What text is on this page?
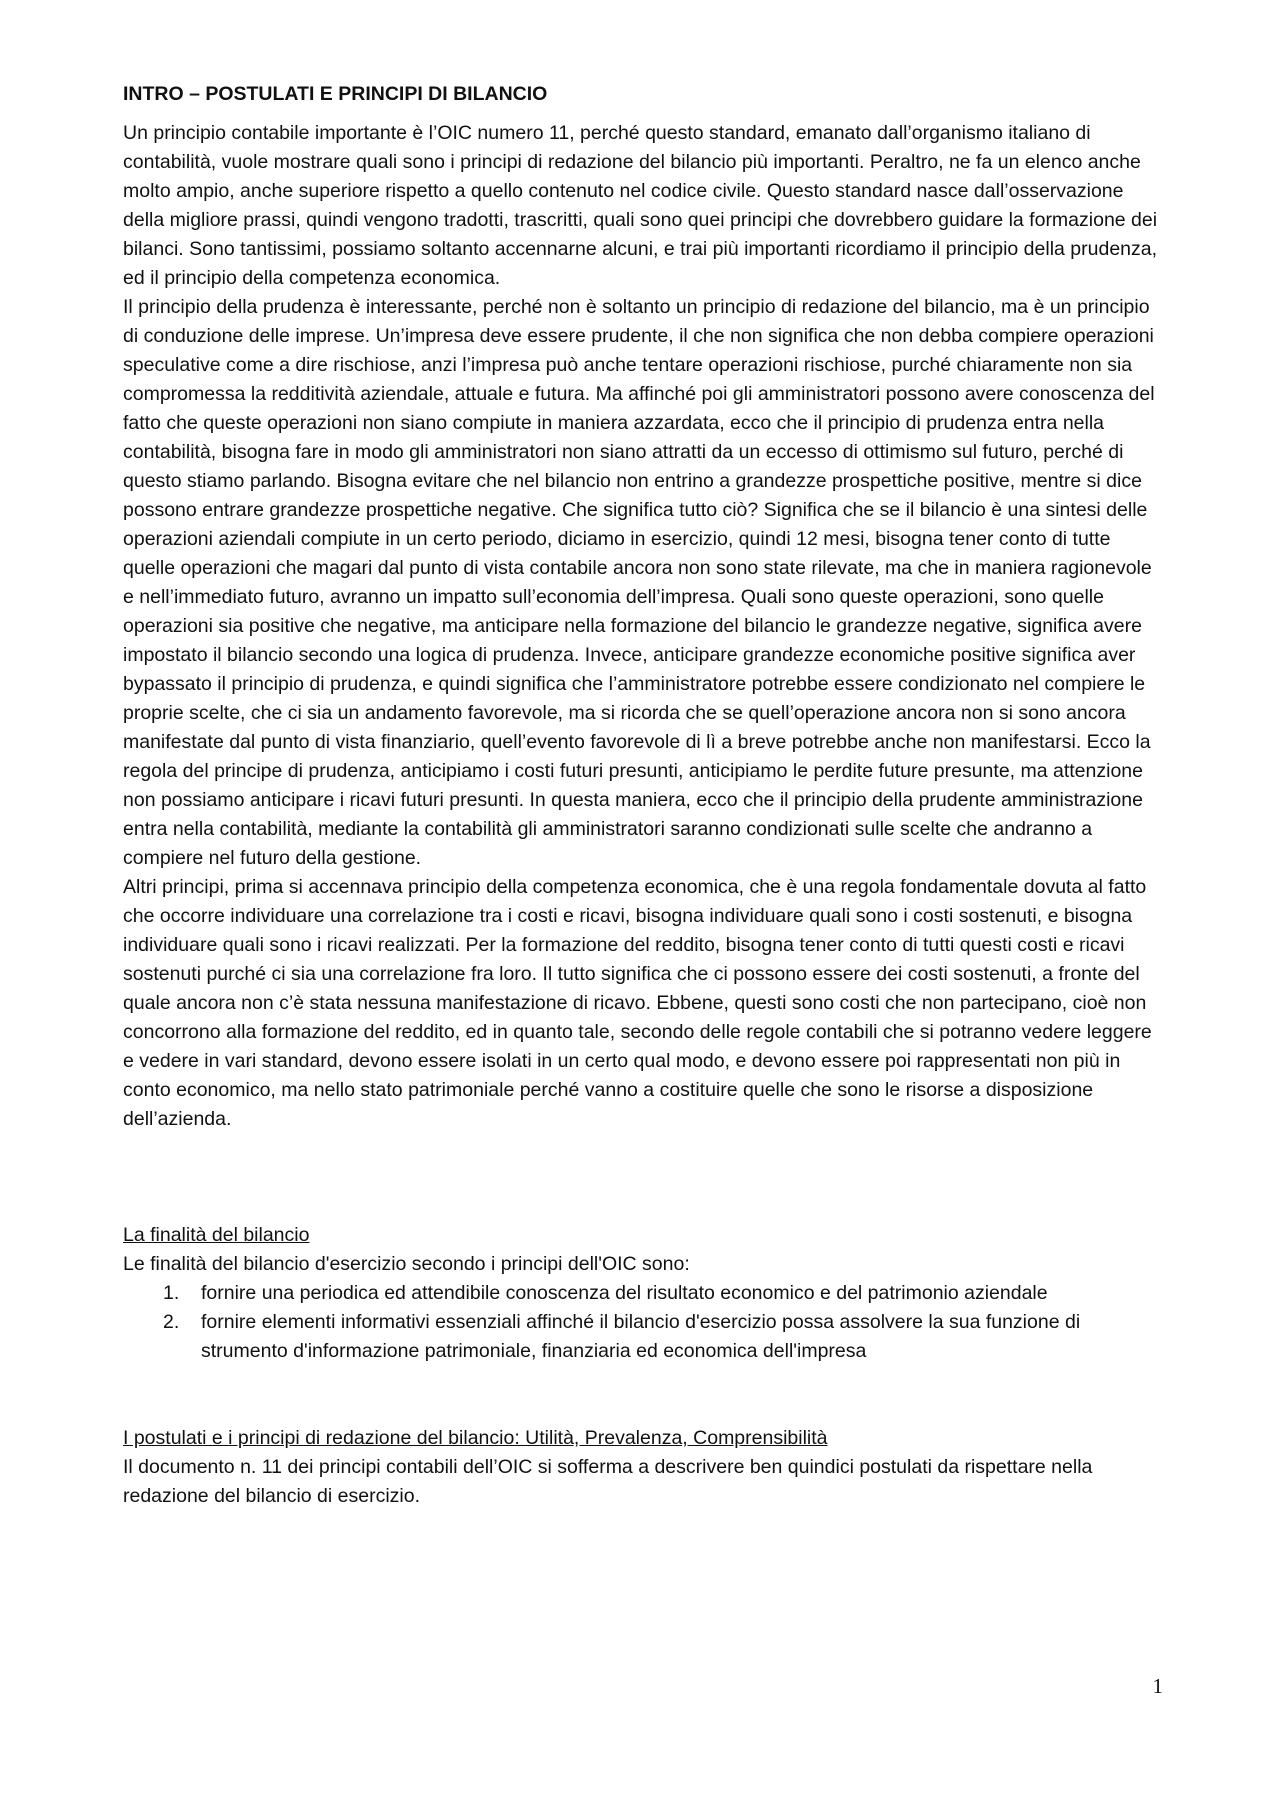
INTRO – POSTULATI E PRINCIPI DI BILANCIO

Un principio contabile importante è l’OIC numero 11, perché questo standard, emanato dall’organismo italiano di contabilità, vuole mostrare quali sono i principi di redazione del bilancio più importanti. Peraltro, ne fa un elenco anche molto ampio, anche superiore rispetto a quello contenuto nel codice civile. Questo standard nasce dall’osservazione della migliore prassi, quindi vengono tradotti, trascritti, quali sono quei principi che dovrebbero guidare la formazione dei bilanci. Sono tantissimi, possiamo soltanto accennarne alcuni, e trai più importanti ricordiamo il principio della prudenza, ed il principio della competenza economica.

Il principio della prudenza è interessante, perché non è soltanto un principio di redazione del bilancio, ma è un principio di conduzione delle imprese. Un’impresa deve essere prudente, il che non significa che non debba compiere operazioni speculative come a dire rischiose, anzi l’impresa può anche tentare operazioni rischiose, purché chiaramente non sia compromessa la redditività aziendale, attuale e futura. Ma affinché poi gli amministratori possono avere conoscenza del fatto che queste operazioni non siano compiute in maniera azzardata, ecco che il principio di prudenza entra nella contabilità, bisogna fare in modo gli amministratori non siano attratti da un eccesso di ottimismo sul futuro, perché di questo stiamo parlando. Bisogna evitare che nel bilancio non entrino a grandezze prospettiche positive, mentre si dice possono entrare grandezze prospettiche negative. Che significa tutto ciò? Significa che se il bilancio è una sintesi delle operazioni aziendali compiute in un certo periodo, diciamo in esercizio, quindi 12 mesi, bisogna tener conto di tutte quelle operazioni che magari dal punto di vista contabile ancora non sono state rilevate, ma che in maniera ragionevole e nell’immediato futuro, avranno un impatto sull’economia dell’impresa. Quali sono queste operazioni, sono quelle operazioni sia positive che negative, ma anticipare nella formazione del bilancio le grandezze negative, significa avere impostato il bilancio secondo una logica di prudenza. Invece, anticipare grandezze economiche positive significa aver bypassato il principio di prudenza, e quindi significa che l’amministratore potrebbe essere condizionato nel compiere le proprie scelte, che ci sia un andamento favorevole, ma si ricorda che se quell’operazione ancora non si sono ancora manifestate dal punto di vista finanziario, quell’evento favorevole di lì a breve potrebbe anche non manifestarsi. Ecco la regola del principe di prudenza, anticipiamo i costi futuri presunti, anticipiamo le perdite future presunte, ma attenzione non possiamo anticipare i ricavi futuri presunti. In questa maniera, ecco che il principio della prudente amministrazione entra nella contabilità, mediante la contabilità gli amministratori saranno condizionati sulle scelte che andranno a compiere nel futuro della gestione.

Altri principi, prima si accennava principio della competenza economica, che è una regola fondamentale dovuta al fatto che occorre individuare una correlazione tra i costi e ricavi, bisogna individuare quali sono i costi sostenuti, e bisogna individuare quali sono i ricavi realizzati. Per la formazione del reddito, bisogna tener conto di tutti questi costi e ricavi sostenuti purché ci sia una correlazione fra loro. Il tutto significa che ci possono essere dei costi sostenuti, a fronte del quale ancora non c’è stata nessuna manifestazione di ricavo. Ebbene, questi sono costi che non partecipano, cioè non concorrono alla formazione del reddito, ed in quanto tale, secondo delle regole contabili che si potranno vedere leggere e vedere in vari standard, devono essere isolati in un certo qual modo, e devono essere poi rappresentati non più in conto economico, ma nello stato patrimoniale perché vanno a costituire quelle che sono le risorse a disposizione dell’azienda.

La finalità del bilancio

Le finalità del bilancio d'esercizio secondo i principi dell'OIC sono:

1. fornire una periodica ed attendibile conoscenza del risultato economico e del patrimonio aziendale
2. fornire elementi informativi essenziali affinché il bilancio d'esercizio possa assolvere la sua funzione di strumento d'informazione patrimoniale, finanziaria ed economica dell'impresa

I postulati e i principi di redazione del bilancio: Utilità, Prevalenza, Comprensibilità

Il documento n. 11 dei principi contabili dell’OIC si sofferma a descrivere ben quindici postulati da rispettare nella redazione del bilancio di esercizio.

1
